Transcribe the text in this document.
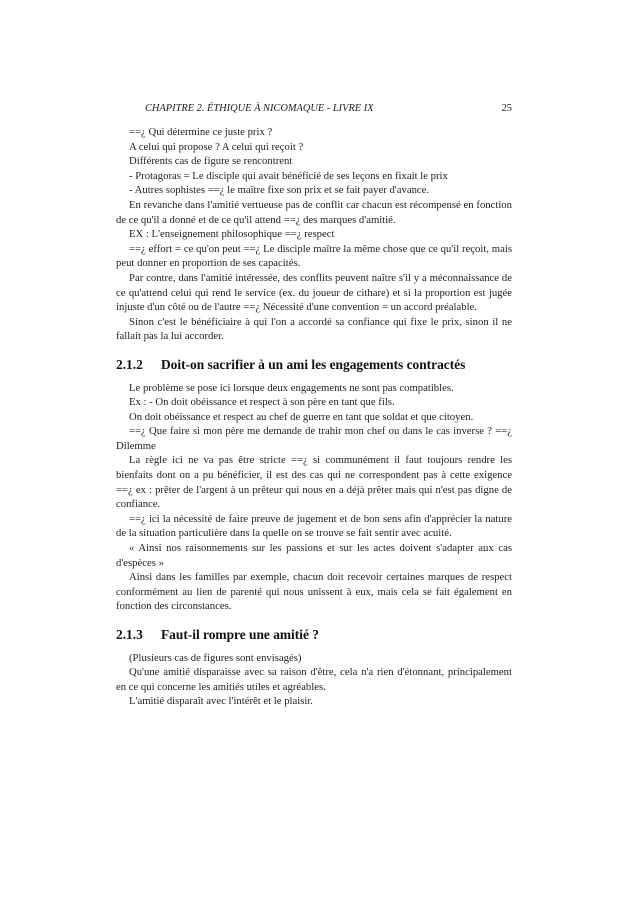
CHAPITRE 2. ÉTHIQUE À NICOMAQUE - LIVRE IX	25

==¿ Qui détermine ce juste prix ?

A celui qui propose ? A celui qui reçoit ?

Différents cas de figure se rencontrent

- Protagoras = Le disciple qui avait bénéficié de ses leçons en fixait le prix

- Autres sophistes ==¿ le maître fixe son prix et se fait payer d'avance.

En revanche dans l'amitié vertueuse pas de conflit car chacun est récompensé en fonction de ce qu'il a donné et de ce qu'il attend ==¿ des marques d'amitié.

EX : L'enseignement philosophique ==¿ respect

==¿ effort = ce qu'on peut ==¿ Le disciple maître la même chose que ce qu'il reçoit, mais peut donner en proportion de ses capacités.

Par contre, dans l'amitié intéressée, des conflits peuvent naître s'il y a méconnaissance de ce qu'attend celui qui rend le service (ex. du joueur de cithare) et si la proportion est jugée injuste d'un côté ou de l'autre ==¿ Nécessité d'une convention = un accord préalable.

Sinon c'est le bénéficiaire à qui l'on a accordé sa confiance qui fixe le prix, sinon il ne fallait pas la lui accorder.

2.1.2 Doit-on sacrifier à un ami les engagements contractés

Le problème se pose ici lorsque deux engagements ne sont pas compatibles.

Ex : - On doit obéissance et respect à son père en tant que fils.

On doit obéissance et respect au chef de guerre en tant que soldat et que citoyen.

==¿ Que faire si mon père me demande de trahir mon chef ou dans le cas inverse ? ==¿ Dilemme

La règle ici ne va pas être stricte ==¿ si communément il faut toujours rendre les bienfaits dont on a pu bénéficier, il est des cas qui ne correspondent pas à cette exigence ==¿ ex : prêter de l'argent à un prêteur qui nous en a déjà prêter mais qui n'est pas digne de confiance.

==¿ ici la nécessité de faire preuve de jugement et de bon sens afin d'apprécier la nature de la situation particulière dans la quelle on se trouve se fait sentir avec acuité.

« Ainsi nos raisonnements sur les passions et sur les actes doivent s'adapter aux cas d'espèces »

Ainsi dans les familles par exemple, chacun doit recevoir certaines marques de respect conformément au lien de parenté qui nous unissent à eux, mais cela se fait également en fonction des circonstances.

2.1.3 Faut-il rompre une amitié ?

(Plusieurs cas de figures sont envisagés)

Qu'une amitié disparaisse avec sa raison d'être, cela n'a rien d'étonnant, principalement en ce qui concerne les amitiés utiles et agréables.

L'amitié disparaît avec l'intérêt et le plaisir.
